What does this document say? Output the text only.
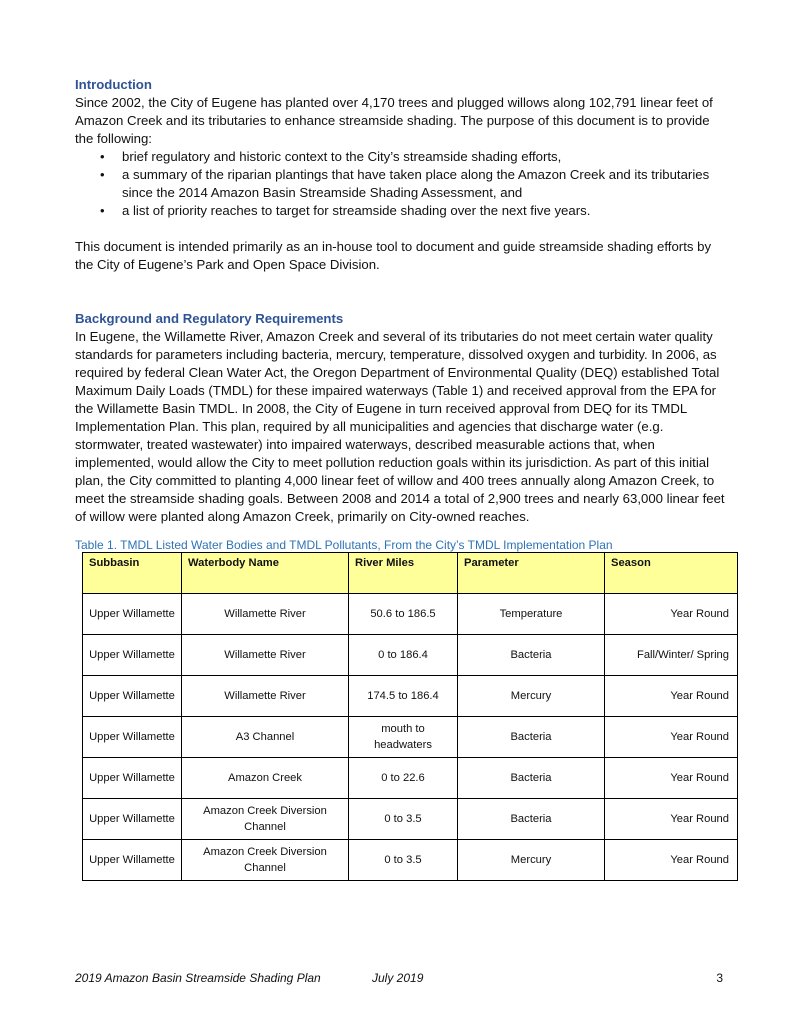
Introduction

Since 2002, the City of Eugene has planted over 4,170 trees and plugged willows along 102,791 linear feet of Amazon Creek and its tributaries to enhance streamside shading. The purpose of this document is to provide the following:

• brief regulatory and historic context to the City’s streamside shading efforts,
• a summary of the riparian plantings that have taken place along the Amazon Creek and its tributaries since the 2014 Amazon Basin Streamside Shading Assessment, and
• a list of priority reaches to target for streamside shading over the next five years.

This document is intended primarily as an in-house tool to document and guide streamside shading efforts by the City of Eugene’s Park and Open Space Division.

Background and Regulatory Requirements

In Eugene, the Willamette River, Amazon Creek and several of its tributaries do not meet certain water quality standards for parameters including bacteria, mercury, temperature, dissolved oxygen and turbidity. In 2006, as required by federal Clean Water Act, the Oregon Department of Environmental Quality (DEQ) established Total Maximum Daily Loads (TMDL) for these impaired waterways (Table 1) and received approval from the EPA for the Willamette Basin TMDL. In 2008, the City of Eugene in turn received approval from DEQ for its TMDL Implementation Plan. This plan, required by all municipalities and agencies that discharge water (e.g. stormwater, treated wastewater) into impaired waterways, described measurable actions that, when implemented, would allow the City to meet pollution reduction goals within its jurisdiction. As part of this initial plan, the City committed to planting 4,000 linear feet of willow and 400 trees annually along Amazon Creek, to meet the streamside shading goals. Between 2008 and 2014 a total of 2,900 trees and nearly 63,000 linear feet of willow were planted along Amazon Creek, primarily on City-owned reaches.

Table 1. TMDL Listed Water Bodies and TMDL Pollutants, From the City’s TMDL Implementation Plan
Subbasin	Waterbody Name	River Miles	Parameter	Season
Upper Willamette	Willamette River	50.6 to 186.5	Temperature	Year Round
Upper Willamette	Willamette River	0 to 186.4	Bacteria	Fall/Winter/ Spring
Upper Willamette	Willamette River	174.5 to 186.4	Mercury	Year Round
Upper Willamette	A3 Channel	mouth to headwaters	Bacteria	Year Round
Upper Willamette	Amazon Creek	0 to 22.6	Bacteria	Year Round
Upper Willamette	Amazon Creek Diversion Channel	0 to 3.5	Bacteria	Year Round
Upper Willamette	Amazon Creek Diversion Channel	0 to 3.5	Mercury	Year Round
2019 Amazon Basin Streamside Shading Plan	July 2019	3
